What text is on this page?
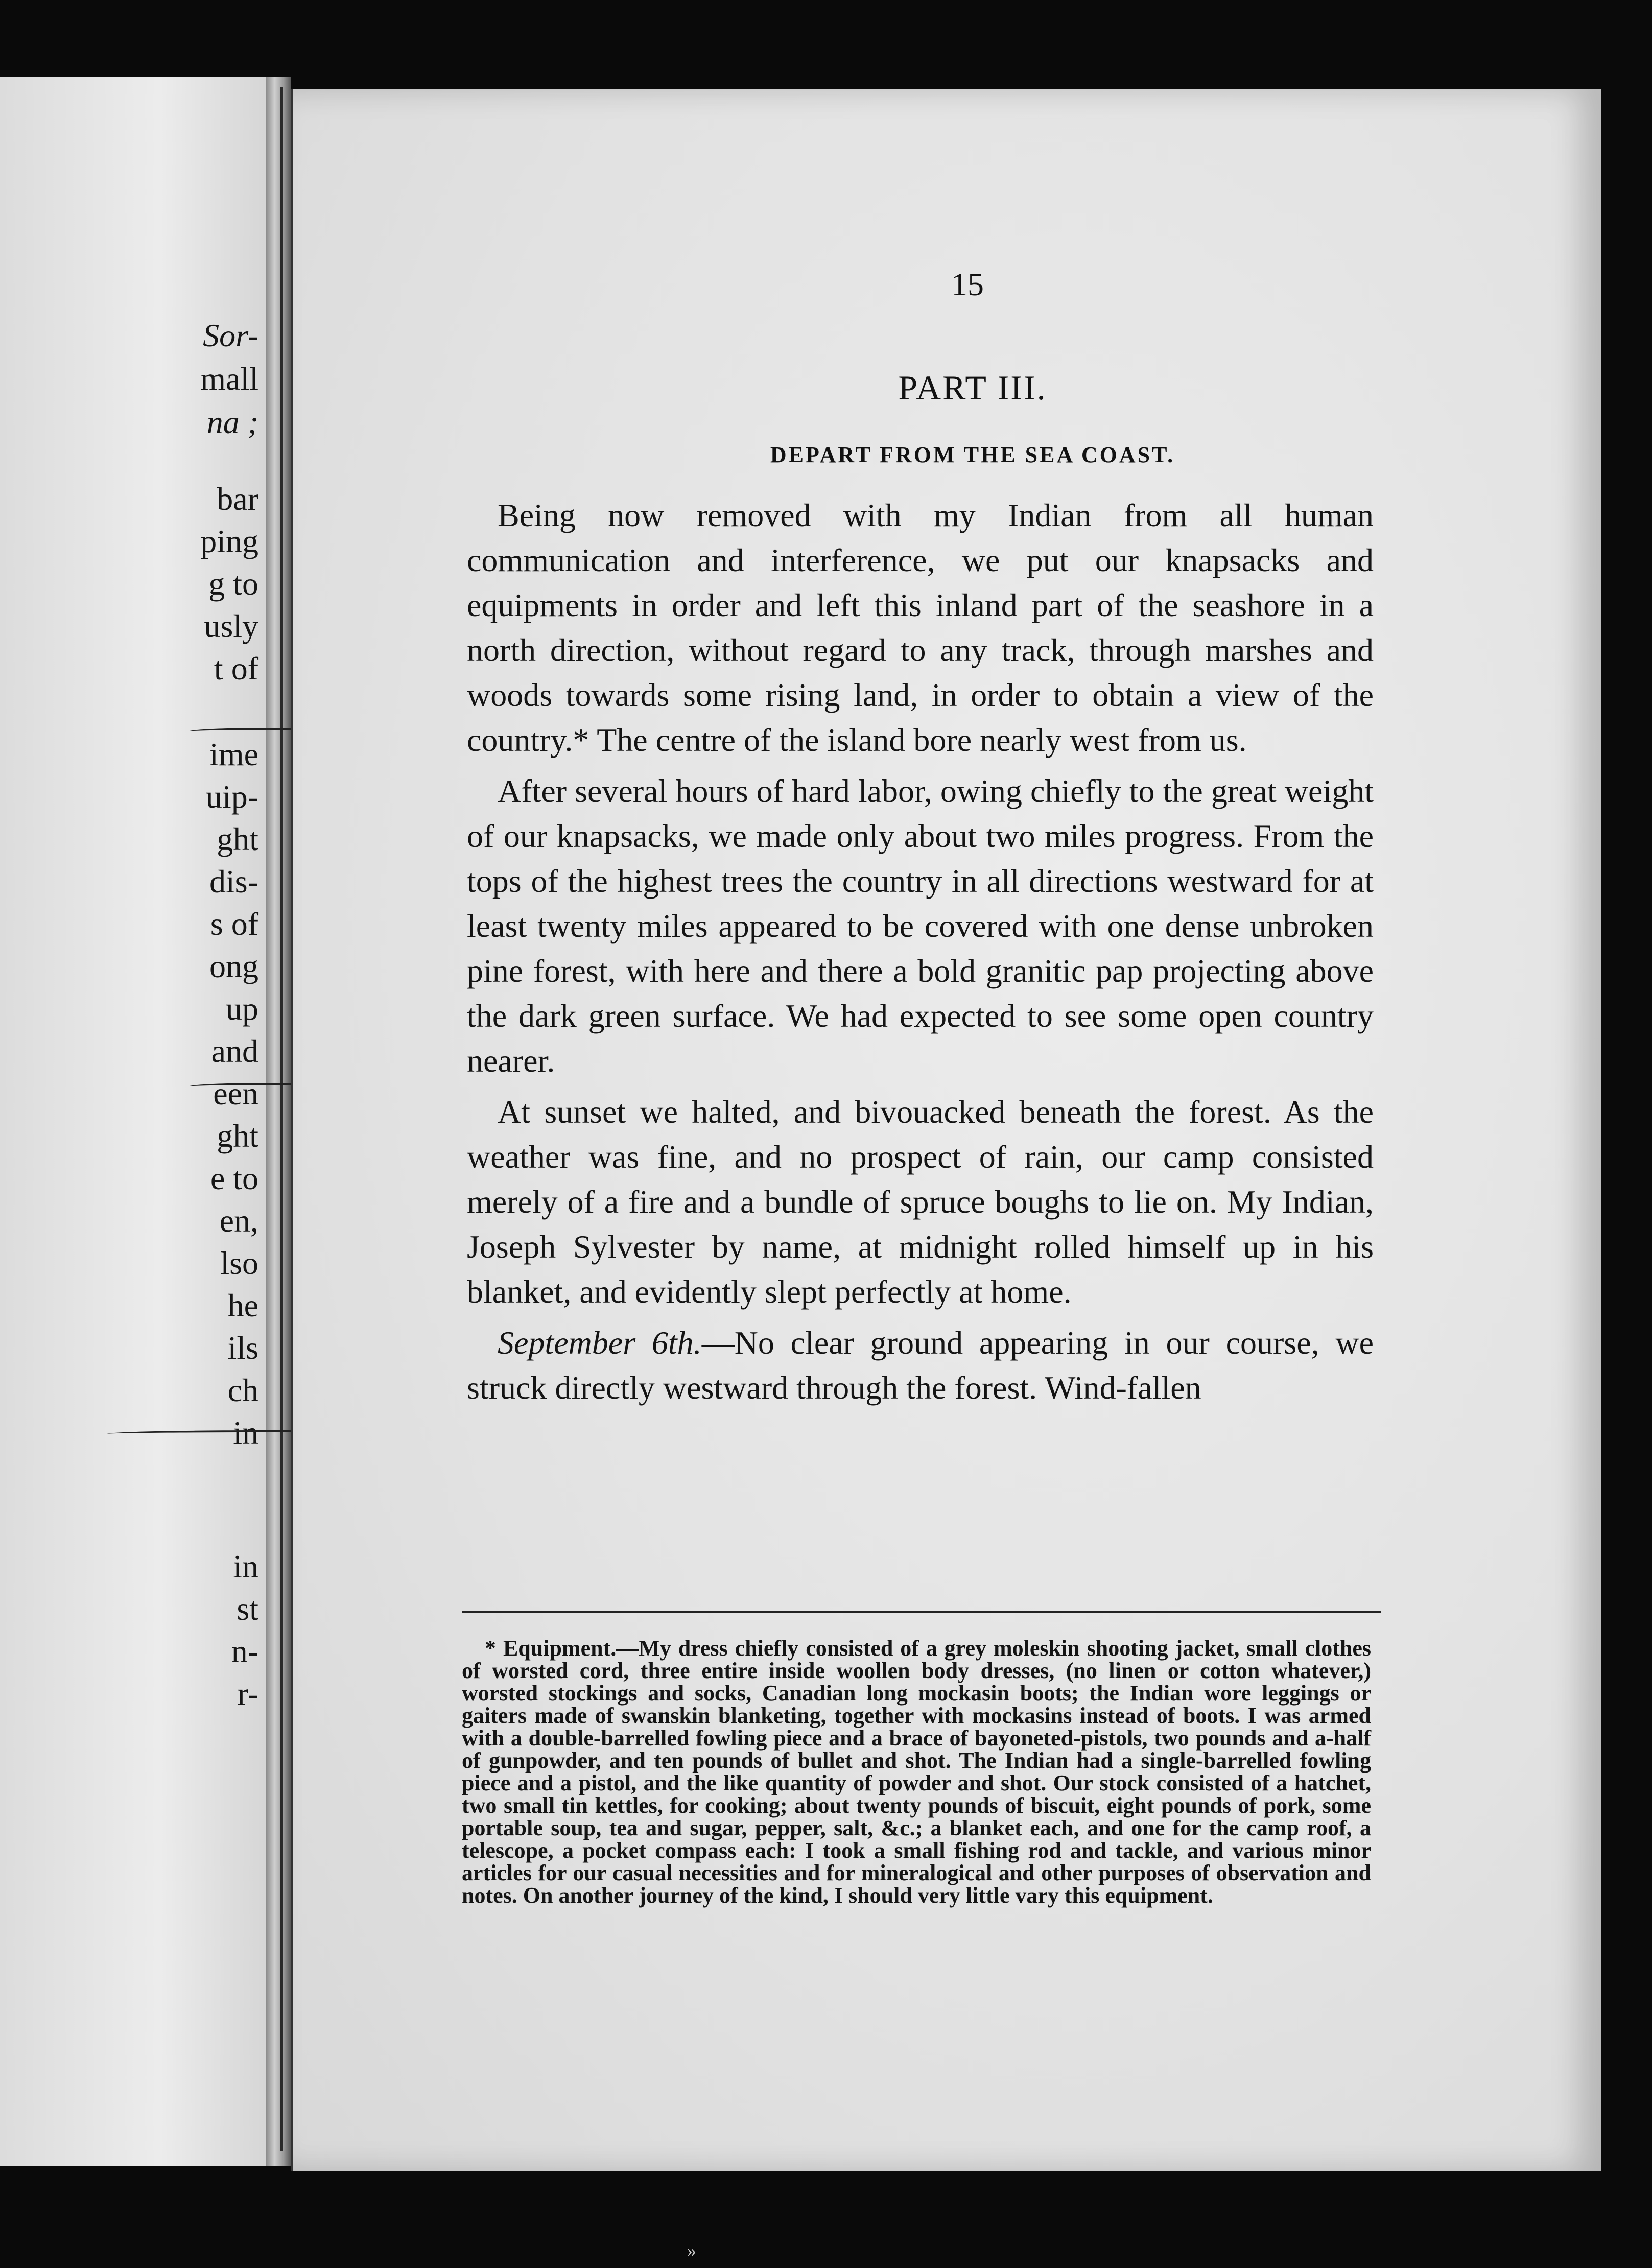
Sor-
mall
na ;
bar
ping
g to
usly
t of
ime
uip-
ght
dis-
s of
ong
up
and
een
ght
e to
en,
lso
he
ils
ch
in
in
st
n-
r-
15
PART III.
DEPART FROM THE SEA COAST.

Being now removed with my Indian from all human communication and interference, we put our knapsacks and equipments in order and left this inland part of the seashore in a north direction, without regard to any track, through marshes and woods towards some rising land, in order to obtain a view of the country.* The centre of the island bore nearly west from us.

After several hours of hard labor, owing chiefly to the great weight of our knapsacks, we made only about two miles progress. From the tops of the highest trees the country in all directions westward for at least twenty miles appeared to be covered with one dense unbroken pine forest, with here and there a bold granitic pap projecting above the dark green surface. We had expected to see some open country nearer.

At sunset we halted, and bivouacked beneath the forest. As the weather was fine, and no prospect of rain, our camp consisted merely of a fire and a bundle of spruce boughs to lie on. My Indian, Joseph Sylvester by name, at midnight rolled himself up in his blanket, and evidently slept perfectly at home.

September 6th.—No clear ground appearing in our course, we struck directly westward through the forest. Wind-fallen

* Equipment.—My dress chiefly consisted of a grey moleskin shooting jacket, small clothes of worsted cord, three entire inside woollen body dresses, (no linen or cotton whatever,) worsted stockings and socks, Canadian long mockasin boots; the Indian wore leggings or gaiters made of swanskin blanketing, together with mockasins instead of boots. I was armed with a double-barrelled fowling piece and a brace of bayoneted-pistols, two pounds and a-half of gunpowder, and ten pounds of bullet and shot. The Indian had a single-barrelled fowling piece and a pistol, and the like quantity of powder and shot. Our stock consisted of a hatchet, two small tin kettles, for cooking; about twenty pounds of biscuit, eight pounds of pork, some portable soup, tea and sugar, pepper, salt, &c.; a blanket each, and one for the camp roof, a telescope, a pocket compass each: I took a small fishing rod and tackle, and various minor articles for our casual necessities and for mineralogical and other purposes of observation and notes. On another journey of the kind, I should very little vary this equipment.

»
